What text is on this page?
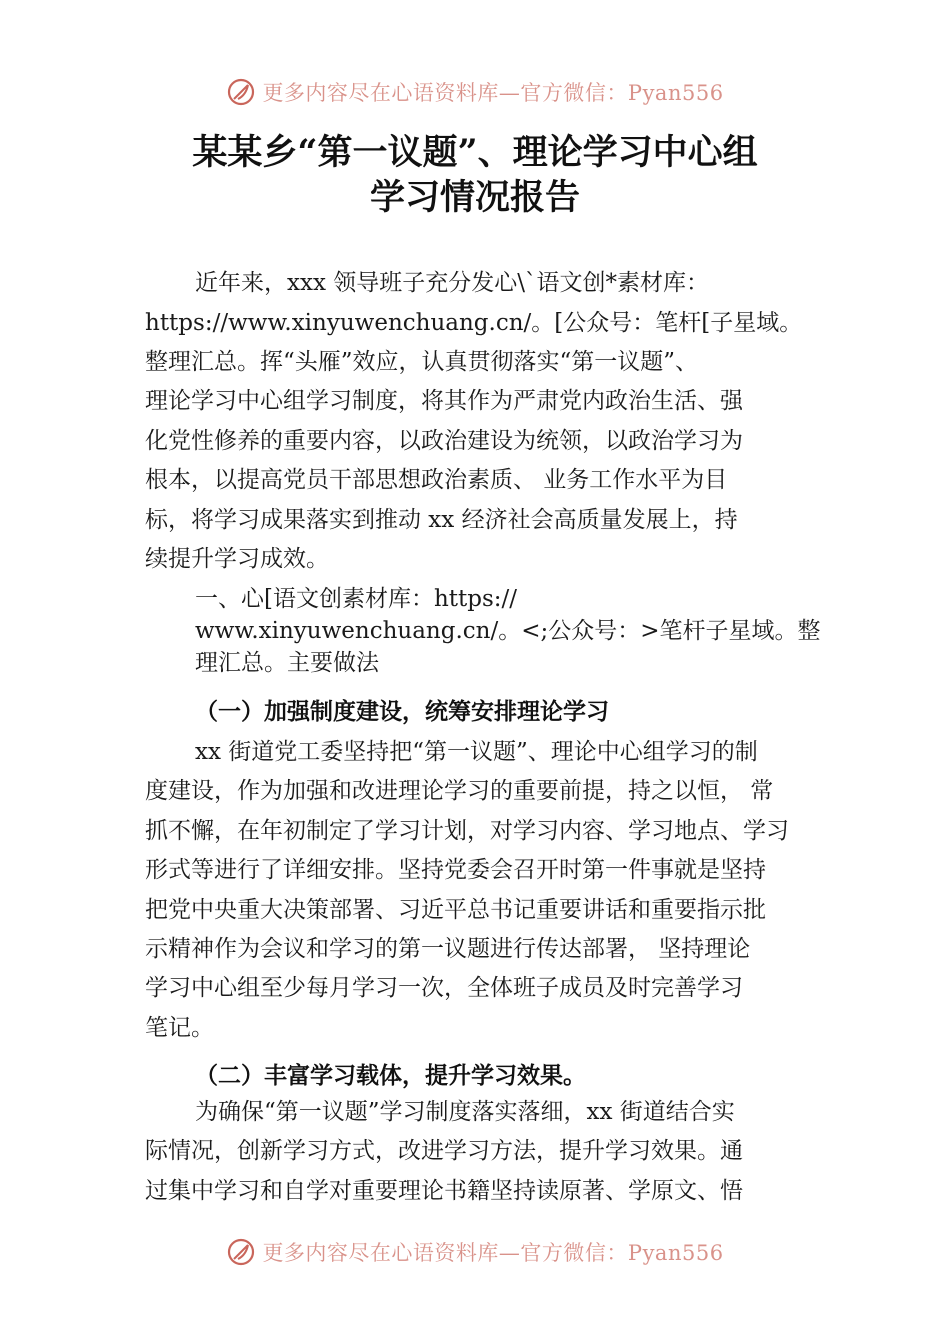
更多内容尽在心语资料库—官方微信：Pyan556
某某乡“第一议题”、理论学习中心组
学习情况报告
近年来，xxx 领导班子充分发心\`语文创*素材库：
https://www.xinyuwenchuang.cn/。[公众号：笔杆[子星域。
整理汇总。挥“头雁”效应，认真贯彻落实“第一议题”、
理论学习中心组学习制度，将其作为严肃党内政治生活、强
化党性修养的重要内容，以政治建设为统领，以政治学习为
根本，以提高党员干部思想政治素质、 业务工作水平为目
标，将学习成果落实到推动 xx 经济社会高质量发展上，持
续提升学习成效。
一、心[语文创素材库：https://
www.xinyuwenchuang.cn/。<;公众号：>笔杆子星域。整
理汇总。主要做法
（一）加强制度建设，统筹安排理论学习
xx 街道党工委坚持把“第一议题”、理论中心组学习的制
度建设，作为加强和改进理论学习的重要前提，持之以恒， 常
抓不懈，在年初制定了学习计划，对学习内容、学习地点、学习
形式等进行了详细安排。坚持党委会召开时第一件事就是坚持
把党中央重大决策部署、习近平总书记重要讲话和重要指示批
示精神作为会议和学习的第一议题进行传达部署， 坚持理论
学习中心组至少每月学习一次，全体班子成员及时完善学习
笔记。
（二）丰富学习载体，提升学习效果。
为确保“第一议题”学习制度落实落细，xx 街道结合实
际情况，创新学习方式，改进学习方法，提升学习效果。通
过集中学习和自学对重要理论书籍坚持读原著、学原文、悟
更多内容尽在心语资料库—官方微信：Pyan556
